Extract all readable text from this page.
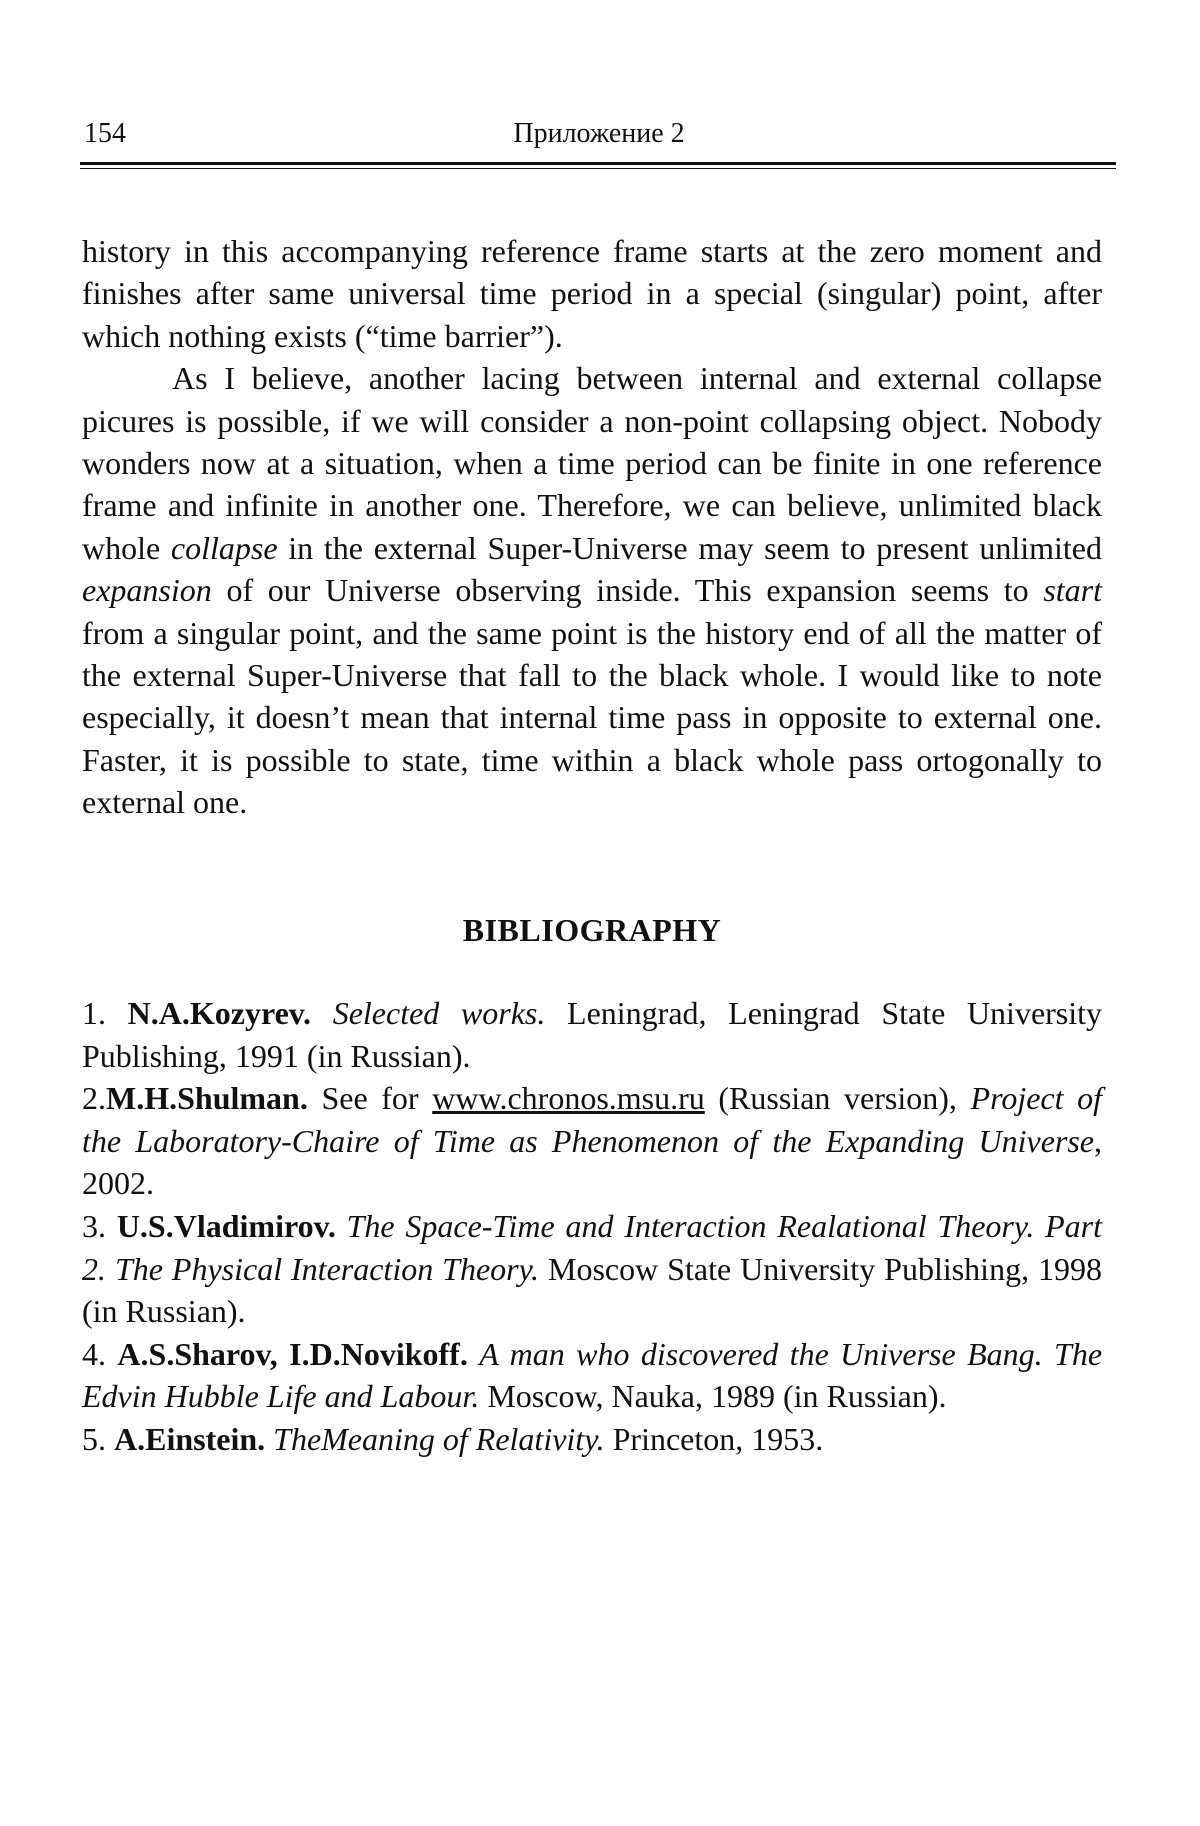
154	Приложение 2

history in this accompanying reference frame starts at the zero moment and finishes after same universal time period in a special (singular) point, after which nothing exists (“time barrier”).

As I believe, another lacing between internal and external collapse picures is possible, if we will consider a non-point collapsing object. Nobody wonders now at a situation, when a time period can be finite in one reference frame and infinite in another one. Therefore, we can believe, unlimited black whole collapse in the external Super-Universe may seem to present unlimited expansion of our Universe observing inside. This expansion seems to start from a singular point, and the same point is the history end of all the matter of the external Super-Universe that fall to the black whole. I would like to note especially, it doesn’t mean that internal time pass in opposite to external one. Faster, it is possible to state, time within a black whole pass ortogonally to external one.

BIBLIOGRAPHY

1. N.A.Kozyrev. Selected works. Leningrad, Leningrad State University Publishing, 1991 (in Russian).

2.M.H.Shulman. See for www.chronos.msu.ru (Russian version), Project of the Laboratory-Chaire of Time as Phenomenon of the Expanding Universe, 2002.

3. U.S.Vladimirov. The Space-Time and Interaction Realational Theory. Part 2. The Physical Interaction Theory. Moscow State University Publishing, 1998 (in Russian).

4. A.S.Sharov, I.D.Novikoff. A man who discovered the Universe Bang. The Edvin Hubble Life and Labour. Moscow, Nauka, 1989 (in Russian).

5. A.Einstein. TheMeaning of Relativity. Princeton, 1953.
